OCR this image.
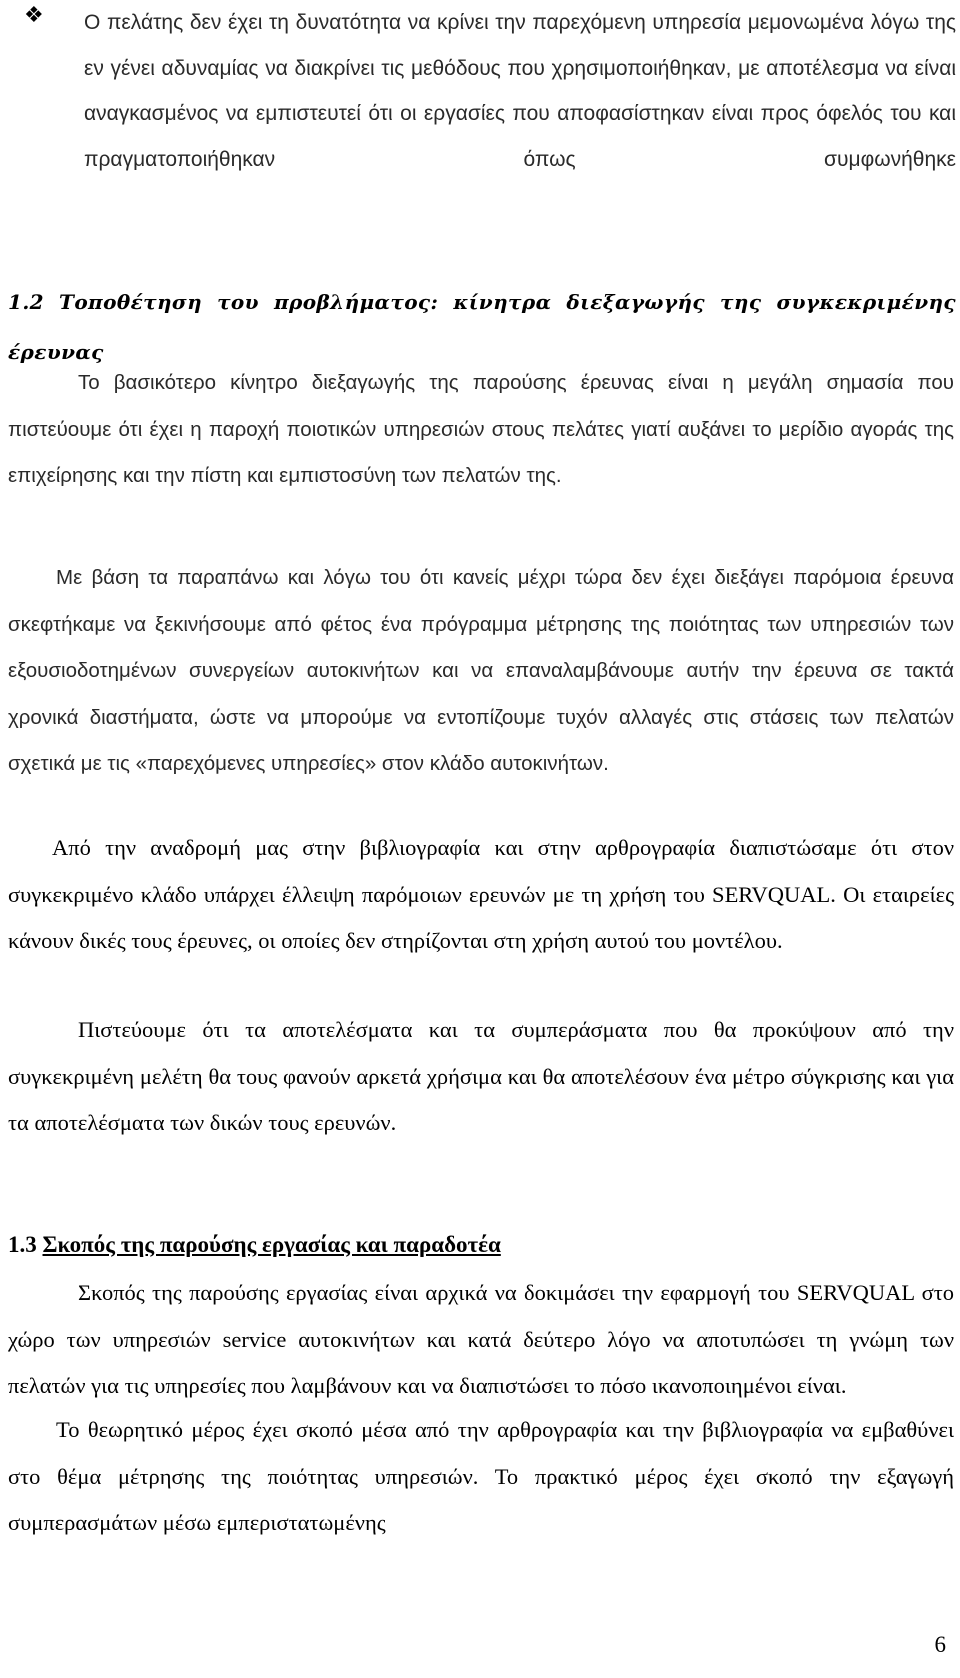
❖ Ο πελάτης δεν έχει τη δυνατότητα να κρίνει την παρεχόμενη υπηρεσία μεμονωμένα λόγω της εν γένει αδυναμίας να διακρίνει τις μεθόδους που χρησιμοποιήθηκαν, με αποτέλεσμα να είναι αναγκασμένος να εμπιστευτεί ότι οι εργασίες που αποφασίστηκαν είναι προς όφελός του και πραγματοποιήθηκαν όπως συμφωνήθηκε
1.2 Τοποθέτηση του προβλήματος: κίνητρα διεξαγωγής της συγκεκριμένης έρευνας

Το βασικότερο κίνητρο διεξαγωγής της παρούσης έρευνας είναι η μεγάλη σημασία που πιστεύουμε ότι έχει η παροχή ποιοτικών υπηρεσιών στους πελάτες γιατί αυξάνει το μερίδιο αγοράς της επιχείρησης και την πίστη και εμπιστοσύνη των πελατών της.

Με βάση τα παραπάνω και λόγω του ότι κανείς μέχρι τώρα δεν έχει διεξάγει παρόμοια έρευνα σκεφτήκαμε να ξεκινήσουμε από φέτος ένα πρόγραμμα μέτρησης της ποιότητας των υπηρεσιών των εξουσιοδοτημένων συνεργείων αυτοκινήτων και να επαναλαμβάνουμε αυτήν την έρευνα σε τακτά χρονικά διαστήματα, ώστε να μπορούμε να εντοπίζουμε τυχόν αλλαγές στις στάσεις των πελατών σχετικά με τις «παρεχόμενες υπηρεσίες» στον κλάδο αυτοκινήτων.

Από την αναδρομή μας στην βιβλιογραφία και στην αρθρογραφία διαπιστώσαμε ότι στον συγκεκριμένο κλάδο υπάρχει έλλειψη παρόμοιων ερευνών με τη χρήση του SERVQUAL. Οι εταιρείες κάνουν δικές τους έρευνες, οι οποίες δεν στηρίζονται στη χρήση αυτού του μοντέλου.

Πιστεύουμε ότι τα αποτελέσματα και τα συμπεράσματα που θα προκύψουν από την συγκεκριμένη μελέτη θα τους φανούν αρκετά χρήσιμα και θα αποτελέσουν ένα μέτρο σύγκρισης και για τα αποτελέσματα των δικών τους ερευνών.

1.3 Σκοπός της παρούσης εργασίας και παραδοτέα

Σκοπός της παρούσης εργασίας είναι αρχικά να δοκιμάσει την εφαρμογή του SERVQUAL στο χώρο των υπηρεσιών service αυτοκινήτων και κατά δεύτερο λόγο να αποτυπώσει τη γνώμη των πελατών για τις υπηρεσίες που λαμβάνουν και να διαπιστώσει το πόσο ικανοποιημένοι είναι.

Το θεωρητικό μέρος έχει σκοπό μέσα από την αρθρογραφία και την βιβλιογραφία να εμβαθύνει στο θέμα μέτρησης της ποιότητας υπηρεσιών. Το πρακτικό μέρος έχει σκοπό την εξαγωγή συμπερασμάτων μέσω εμπεριστατωμένης

6
